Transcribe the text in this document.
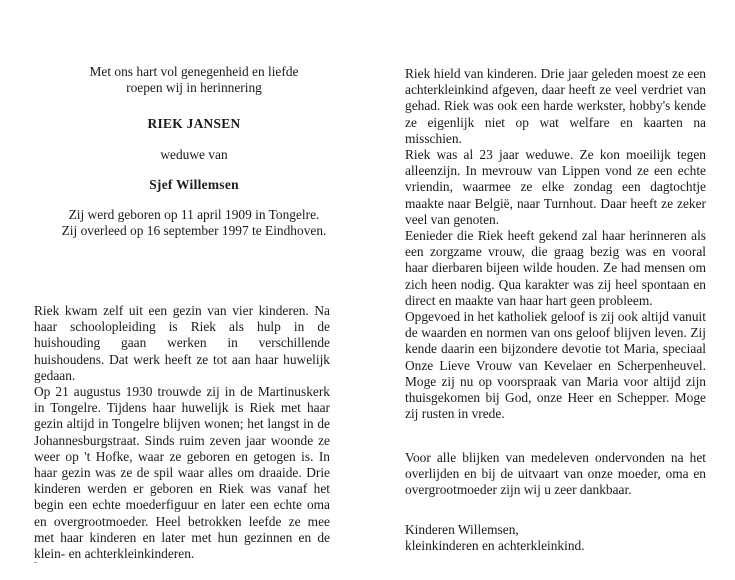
Met ons hart vol genegenheid en liefde

roepen wij in herinnering

RIEK JANSEN

weduwe van

Sjef Willemsen

Zij werd geboren op 11 april 1909 in Tongelre.

Zij overleed op 16 september 1997 te Eindhoven.

Riek kwam zelf uit een gezin van vier kinderen. Na haar schoolopleiding is Riek als hulp in de huishouding gaan werken in verschillende huishoudens. Dat werk heeft ze tot aan haar huwelijk gedaan.

Op 21 augustus 1930 trouwde zij in de Martinuskerk in Tongelre. Tijdens haar huwelijk is Riek met haar gezin altijd in Tongelre blijven wonen; het langst in de Johannesburgstraat. Sinds ruim zeven jaar woonde ze weer op 't Hofke, waar ze geboren en getogen is. In haar gezin was ze de spil waar alles om draaide. Drie kinderen werden er geboren en Riek was vanaf het begin een echte moederfiguur en later een echte oma en overgrootmoeder. Heel betrokken leefde ze mee met haar kinderen en later met hun gezinnen en de klein- en achterkleinkinderen.

Riek hield van kinderen. Drie jaar geleden moest ze een achterkleinkind afgeven, daar heeft ze veel verdriet van gehad. Riek was ook een harde werkster, hobby's kende ze eigenlijk niet op wat welfare en kaarten na misschien.

Riek was al 23 jaar weduwe. Ze kon moeilijk tegen alleenzijn. In mevrouw van Lippen vond ze een echte vriendin, waarmee ze elke zondag een dagtochtje maakte naar België, naar Turnhout. Daar heeft ze zeker veel van genoten.

Eenieder die Riek heeft gekend zal haar herinneren als een zorgzame vrouw, die graag bezig was en vooral haar dierbaren bijeen wilde houden. Ze had mensen om zich heen nodig. Qua karakter was zij heel spontaan en direct en maakte van haar hart geen probleem.

Opgevoed in het katholiek geloof is zij ook altijd vanuit de waarden en normen van ons geloof blijven leven. Zij kende daarin een bijzondere devotie tot Maria, speciaal Onze Lieve Vrouw van Kevelaer en Scherpenheuvel. Moge zij nu op voorspraak van Maria voor altijd zijn thuisgekomen bij God, onze Heer en Schepper. Moge zij rusten in vrede.

Voor alle blijken van medeleven ondervonden na het overlijden en bij de uitvaart van onze moeder, oma en overgrootmoeder zijn wij u zeer dankbaar.

Kinderen Willemsen,

kleinkinderen en achterkleinkind.
